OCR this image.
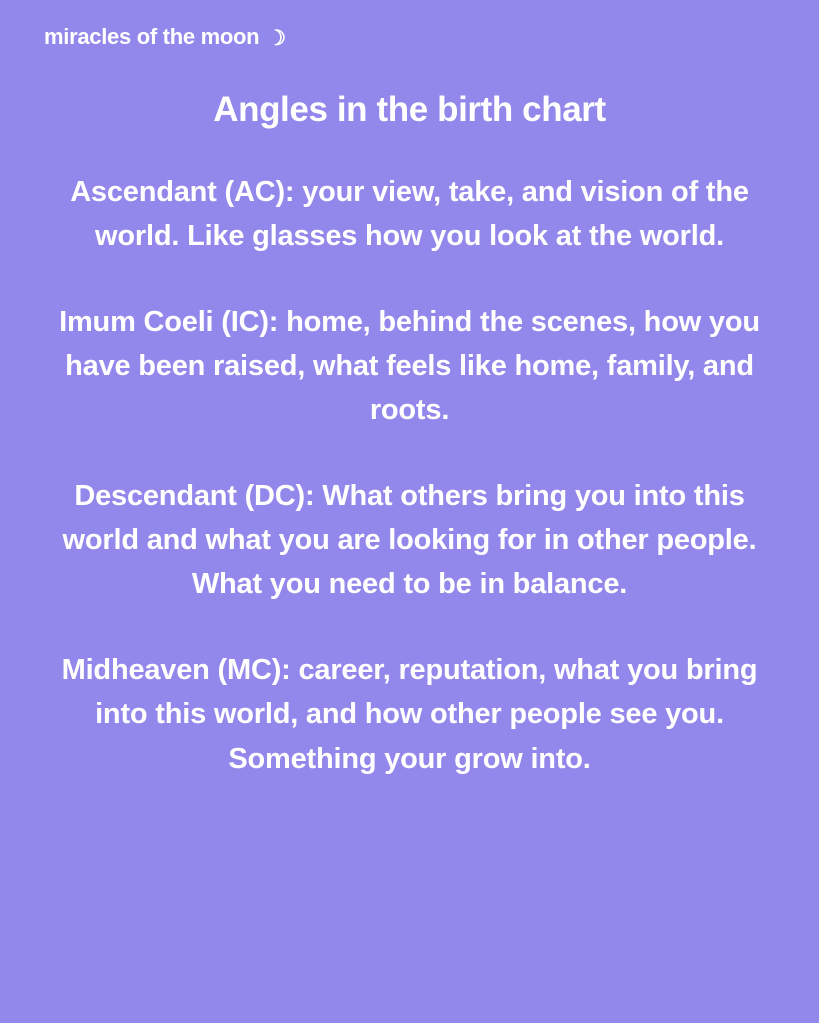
miracles of the moon ☽
Angles in the birth chart

Ascendant (AC): your view, take, and vision of the world. Like glasses how you look at the world.

Imum Coeli (IC): home, behind the scenes, how you have been raised, what feels like home, family, and roots.

Descendant (DC): What others bring you into this world and what you are looking for in other people. What you need to be in balance.

Midheaven (MC): career, reputation, what you bring into this world, and how other people see you. Something your grow into.
